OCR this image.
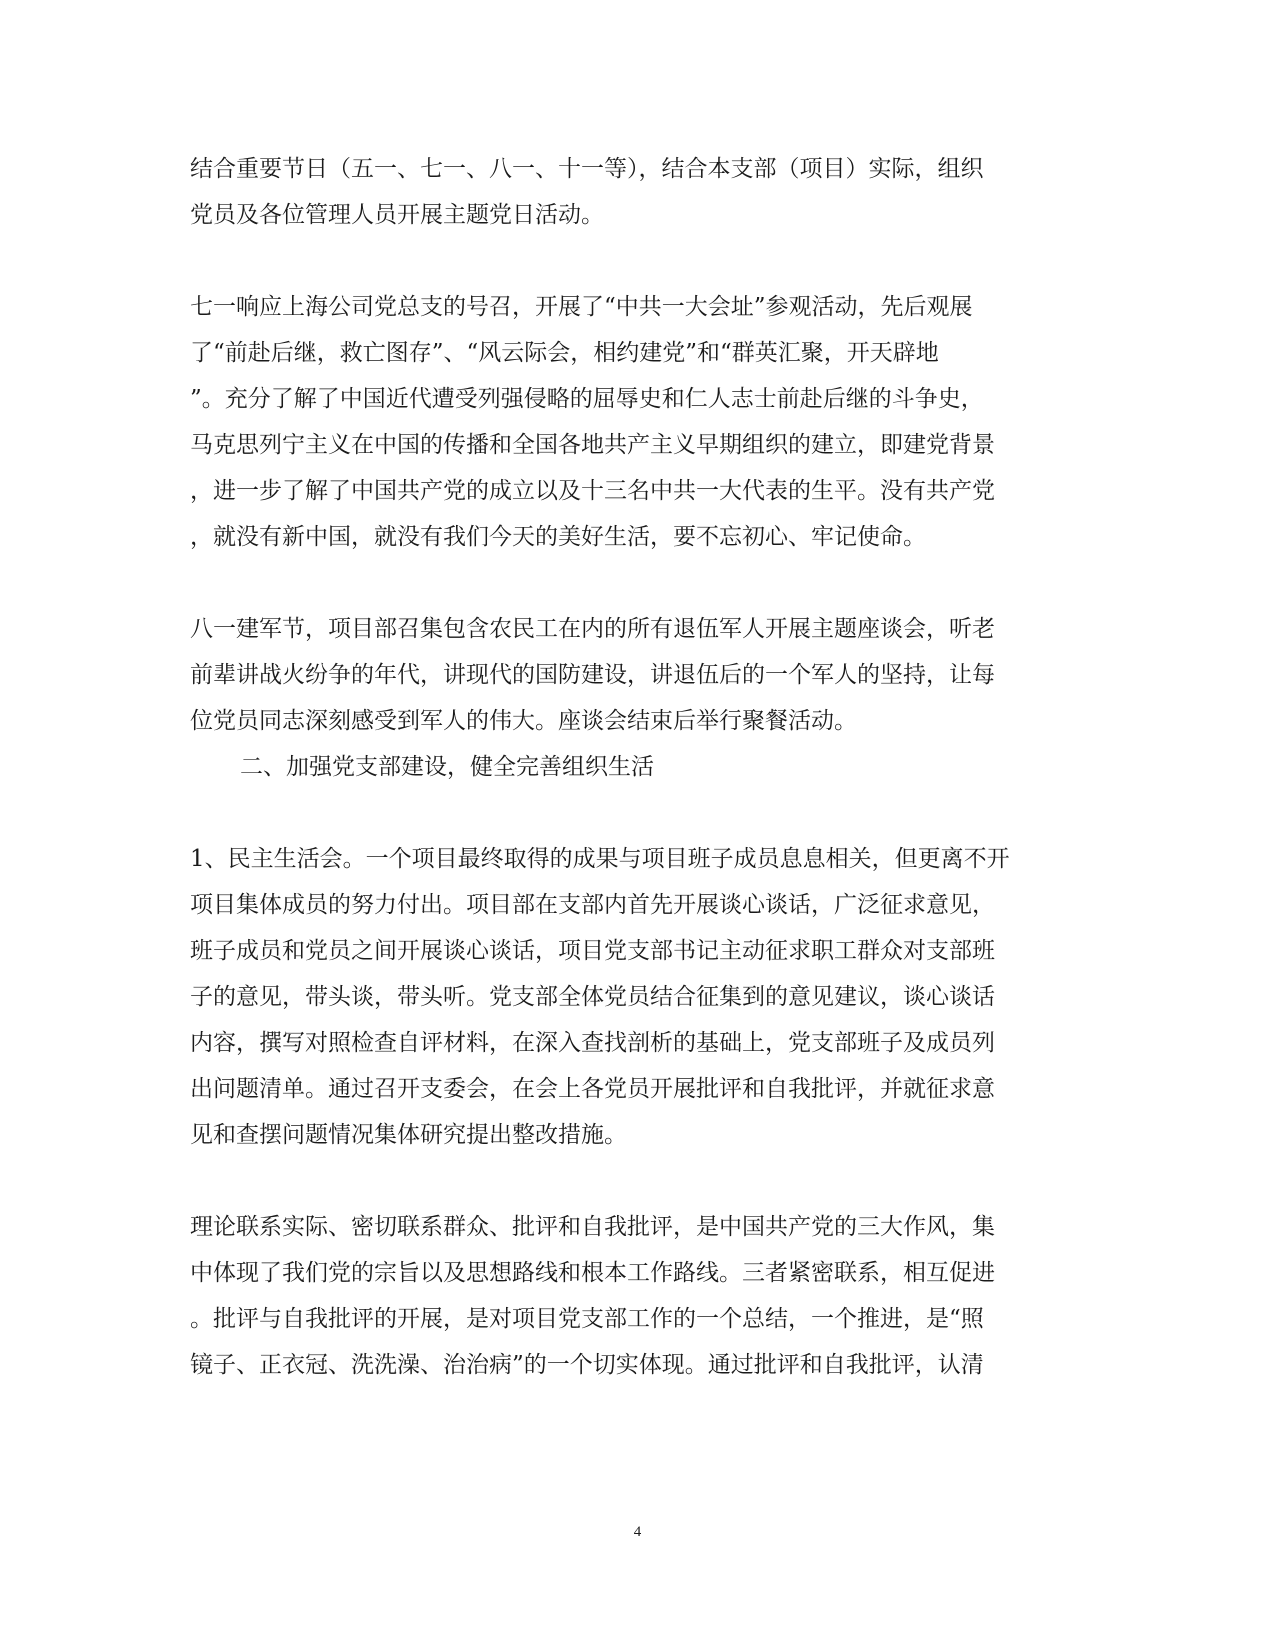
结合重要节日（五一、七一、八一、十一等），结合本支部（项目）实际，组织
党员及各位管理人员开展主题党日活动。
七一响应上海公司党总支的号召，开展了“中共一大会址”参观活动，先后观展
了“前赴后继，救亡图存”、“风云际会，相约建党”和“群英汇聚，开天辟地
”。充分了解了中国近代遭受列强侵略的屈辱史和仁人志士前赴后继的斗争史，
马克思列宁主义在中国的传播和全国各地共产主义早期组织的建立，即建党背景
，进一步了解了中国共产党的成立以及十三名中共一大代表的生平。没有共产党
，就没有新中国，就没有我们今天的美好生活，要不忘初心、牢记使命。
八一建军节，项目部召集包含农民工在内的所有退伍军人开展主题座谈会，听老
前辈讲战火纷争的年代，讲现代的国防建设，讲退伍后的一个军人的坚持，让每
位党员同志深刻感受到军人的伟大。座谈会结束后举行聚餐活动。
二、加强党支部建设，健全完善组织生活
1、民主生活会。一个项目最终取得的成果与项目班子成员息息相关，但更离不开
项目集体成员的努力付出。项目部在支部内首先开展谈心谈话，广泛征求意见，
班子成员和党员之间开展谈心谈话，项目党支部书记主动征求职工群众对支部班
子的意见，带头谈，带头听。党支部全体党员结合征集到的意见建议，谈心谈话
内容，撰写对照检查自评材料，在深入查找剖析的基础上，党支部班子及成员列
出问题清单。通过召开支委会，在会上各党员开展批评和自我批评，并就征求意
见和查摆问题情况集体研究提出整改措施。
理论联系实际、密切联系群众、批评和自我批评，是中国共产党的三大作风，集
中体现了我们党的宗旨以及思想路线和根本工作路线。三者紧密联系，相互促进
。批评与自我批评的开展，是对项目党支部工作的一个总结，一个推进，是“照
镜子、正衣冠、洗洗澡、治治病”的一个切实体现。通过批评和自我批评，认清
4
